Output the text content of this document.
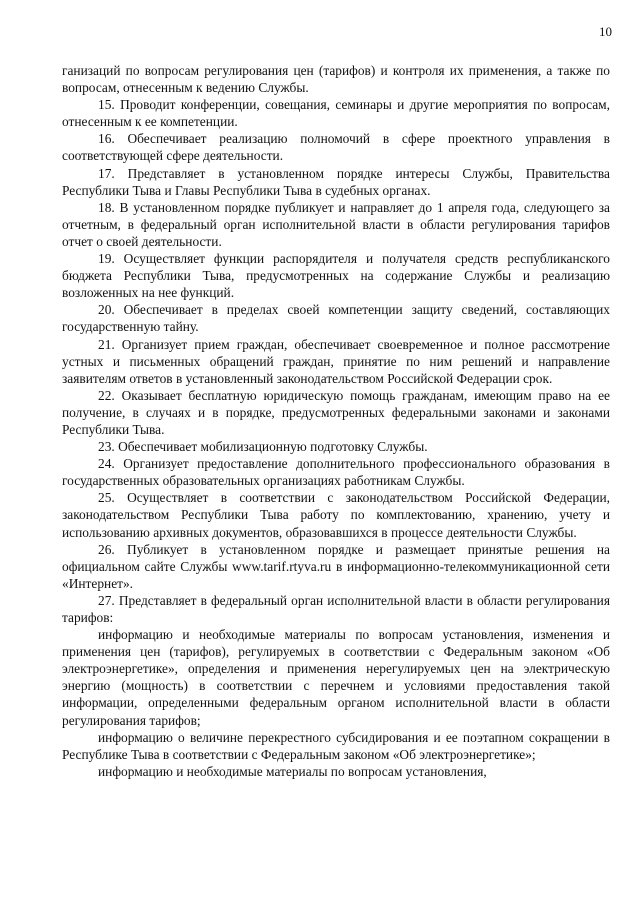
10

ганизаций по вопросам регулирования цен (тарифов) и контроля их применения, а также по вопросам, отнесенным к ведению Службы.

15. Проводит конференции, совещания, семинары и другие мероприятия по вопросам, отнесенным к ее компетенции.

16. Обеспечивает реализацию полномочий в сфере проектного управления в соответствующей сфере деятельности.

17. Представляет в установленном порядке интересы Службы, Правительства Республики Тыва и Главы Республики Тыва в судебных органах.

18. В установленном порядке публикует и направляет до 1 апреля года, следующего за отчетным, в федеральный орган исполнительной власти в области регулирования тарифов отчет о своей деятельности.

19. Осуществляет функции распорядителя и получателя средств республиканского бюджета Республики Тыва, предусмотренных на содержание Службы и реализацию возложенных на нее функций.

20. Обеспечивает в пределах своей компетенции защиту сведений, составляющих государственную тайну.

21. Организует прием граждан, обеспечивает своевременное и полное рассмотрение устных и письменных обращений граждан, принятие по ним решений и направление заявителям ответов в установленный законодательством Российской Федерации срок.

22. Оказывает бесплатную юридическую помощь гражданам, имеющим право на ее получение, в случаях и в порядке, предусмотренных федеральными законами и законами Республики Тыва.

23. Обеспечивает мобилизационную подготовку Службы.

24. Организует предоставление дополнительного профессионального образования в государственных образовательных организациях работникам Службы.

25. Осуществляет в соответствии с законодательством Российской Федерации, законодательством Республики Тыва работу по комплектованию, хранению, учету и использованию архивных документов, образовавшихся в процессе деятельности Службы.

26. Публикует в установленном порядке и размещает принятые решения на официальном сайте Службы www.tarif.rtyva.ru в информационно-телекоммуникационной сети «Интернет».

27. Представляет в федеральный орган исполнительной власти в области регулирования тарифов:

информацию и необходимые материалы по вопросам установления, изменения и применения цен (тарифов), регулируемых в соответствии с Федеральным законом «Об электроэнергетике», определения и применения нерегулируемых цен на электрическую энергию (мощность) в соответствии с перечнем и условиями предоставления такой информации, определенными федеральным органом исполнительной власти в области регулирования тарифов;

информацию о величине перекрестного субсидирования и ее поэтапном сокращении в Республике Тыва в соответствии с Федеральным законом «Об электроэнергетике»;

информацию и необходимые материалы по вопросам установления,
